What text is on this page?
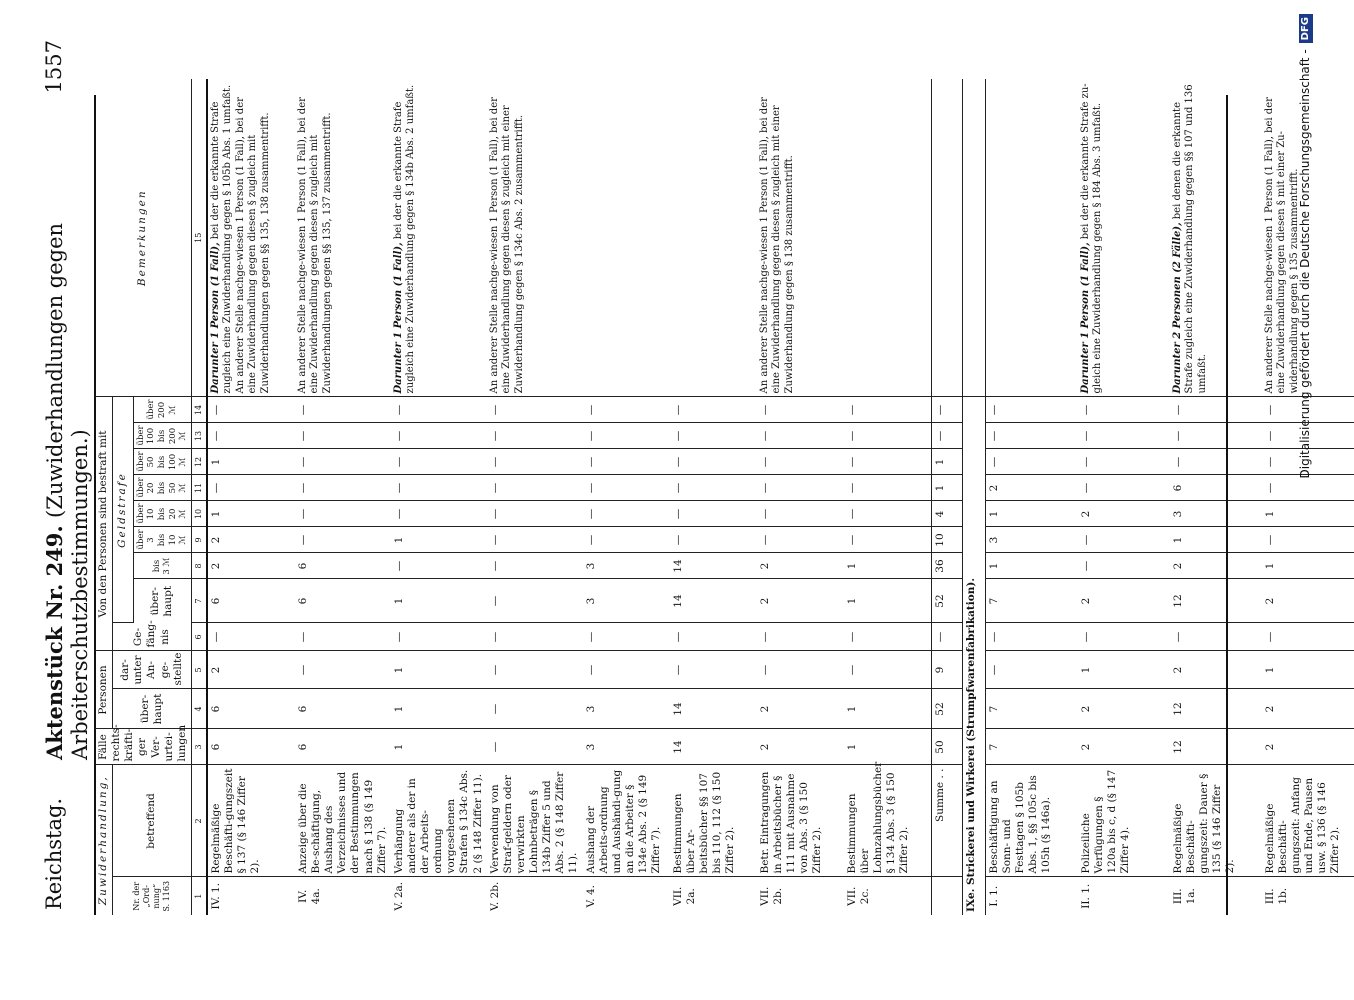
Reichstag.
Aktenstück Nr. 249. (Zuwiderhandlungen gegen Arbeiterschutzbestimmungen.)
1557
Zuwiderhandlung,		Fälle rechts-kräfti-ger Ver-urtei-lungen	Personen		Von den Personen sind bestraft mit									Bemerkungen
Nr. der „Ord-nung“ S. 1163	betreffend		über-haupt	dar-unter An-ge-stellte	Ge-fäng-nis	Geldstrafe								
						über-haupt	bis 3 ℳ	über 3 bis 10 ℳ	über 10 bis 20 ℳ	über 20 bis 50 ℳ	über 50 bis 100 ℳ	über 100 bis 200 ℳ	über 200 ℳ	
1	2	3	4	5	6	7	8	9	10	11	12	13	14	15
IV. 1.	Regelmäßige Beschäfti-gungszeit § 137 (§ 146 Ziffer 2).	6	6	2	—	6	2	2	1	—	1	—	—	Darunter 1 Person (1 Fall), bei der die erkannte Strafe zugleich eine Zuwiderhandlung gegen § 105b Abs. 1 umfaßt. An anderer Stelle nachge-wiesen 1 Person (1 Fall), bei der eine Zuwiderhandlung gegen diesen § zugleich mit Zuwiderhandlungen gegen §§ 135, 138 zusammentrifft.
IV. 4a.	Anzeige über die Be-schäftigung, Aushang des Verzeichnisses und der Bestimmungen nach § 138 (§ 149 Ziffer 7).	6	6	—	—	6	6	—	—	—	—	—	—	An anderer Stelle nachge-wiesen 1 Person (1 Fall), bei der eine Zuwiderhandlung gegen diesen § zugleich mit Zuwiderhandlungen gegen §§ 135, 137 zusammentrifft.
V. 2a.	Verhängung anderer als der in der Arbeits-ordnung vorgesehenen Strafen § 134c Abs. 2 (§ 148 Ziffer 11).	1	1	1	—	1	—	1	—	—	—	—	—	Darunter 1 Person (1 Fall), bei der die erkannte Strafe zugleich eine Zuwiderhandlung gegen § 134b Abs. 2 umfaßt.
V. 2b.	Verwendung von Straf-geldern oder verwirkten Lohnbeträgen § 134b Ziffer 5 und Abs. 2 (§ 148 Ziffer 11).	—	—	—	—	—	—	—	—	—	—	—	—	An anderer Stelle nachge-wiesen 1 Person (1 Fall), bei der eine Zuwiderhandlung gegen diesen § zugleich mit einer Zuwiderhandlung gegen § 134c Abs. 2 zusammentrifft.
V. 4.	Aushang der Arbeits-ordnung und Aushändi-gung an die Arbeiter § 134e Abs. 2 (§ 149 Ziffer 7).	3	3	—	—	3	3	—	—	—	—	—	—	
VII. 2a.	Bestimmungen über Ar-beitsbücher §§ 107 bis 110, 112 (§ 150 Ziffer 2).	14	14	—	—	14	14	—	—	—	—	—	—	
VII. 2b.	Betr. Eintragungen in Arbeitsbücher § 111 mit Ausnahme von Abs. 3 (§ 150 Ziffer 2).	2	2	—	—	2	2	—	—	—	—	—	—	An anderer Stelle nachge-wiesen 1 Person (1 Fall), bei der eine Zuwiderhandlung gegen diesen § zugleich mit einer Zuwiderhandlung gegen § 138 zusammentrifft.
VII. 2c.	Bestimmungen über Lohnzahlungsbücher § 134 Abs. 3 (§ 150 Ziffer 2).	1	1	—	—	1	1	—	—	—	—	—	—	
	Summe . .	50	52	9	—	52	36	10	4	1	1	—	—	
IXe. Strickerei und Wirkerei (Strumpfwarenfabrikation).														
I. 1.	Beschäftigung an Sonn- und Festtagen § 105b Abs. 1, §§ 105c bis 105h (§ 146a).	7	7	—	—	7	1	3	1	2	—	—	—	
II. 1.	Polizeiliche Verfügungen § 120a bis c, d (§ 147 Ziffer 4).	2	2	1	—	2	—	—	2	—	—	—	—	Darunter 1 Person (1 Fall), bei der die erkannte Strafe zu-gleich eine Zuwiderhandlung gegen § 184 Abs. 3 umfaßt.
III. 1a.	Regelmäßige Beschäfti-gungszeit: Dauer § 135 (§ 146 Ziffer 2).	12	12	2	—	12	2	1	3	6	—	—	—	Darunter 2 Personen (2 Fälle), bei denen die erkannte Strafe zugleich eine Zuwiderhandlung gegen §§ 107 und 136 umfaßt.
III. 1b.	Regelmäßige Beschäfti-gungszeit: Anfang und Ende, Pausen usw. § 136 (§ 146 Ziffer 2).	2	2	1	—	2	1	—	1	—	—	—	—	An anderer Stelle nachge-wiesen 1 Person (1 Fall), bei der eine Zuwiderhandlung gegen diesen § mit einer Zu-widerhandlung gegen § 135 zusammentrifft.
Digitalisierung gefördert durch die Deutsche Forschungsgemeinschaft -DFG
